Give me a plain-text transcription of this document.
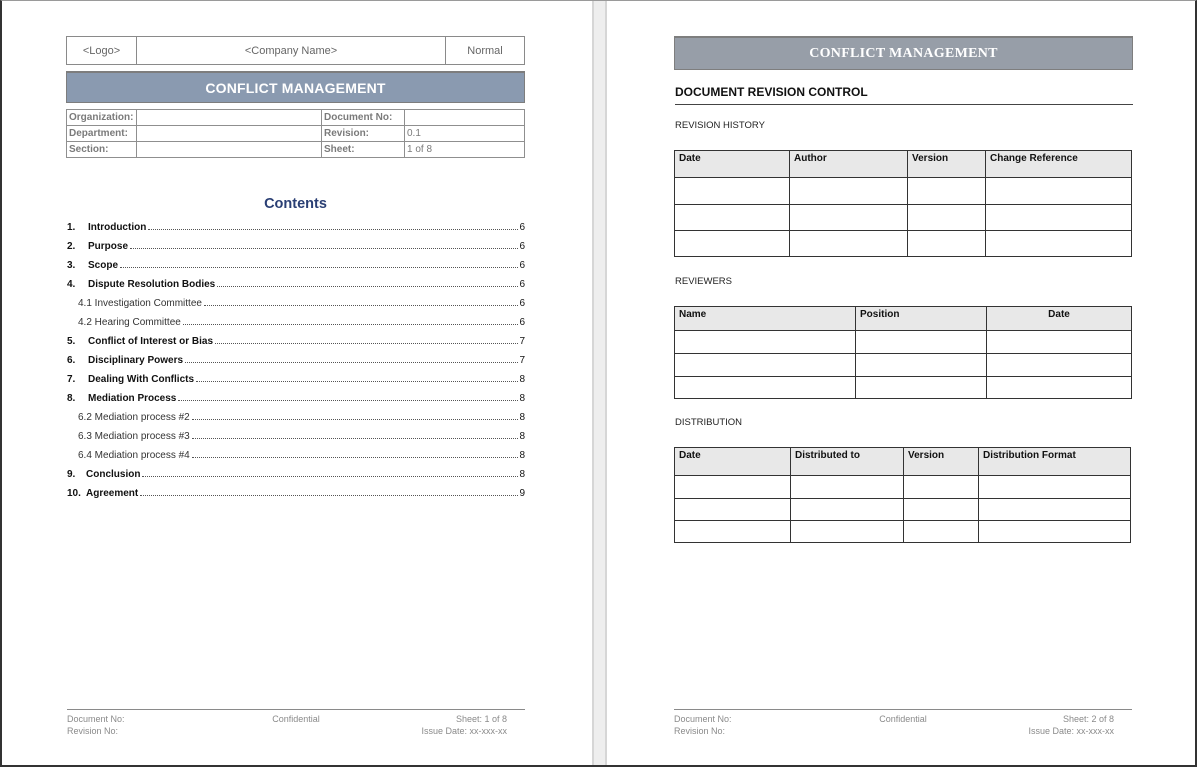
<Logo>	<Company Name>	Normal
CONFLICT MANAGEMENT
Organization:		Document No:	
Department:		Revision:	0.1
Section:		Sheet:	1 of 8
Contents
1.	Introduction	6
2.	Purpose	6
3.	Scope	6
4.	Dispute Resolution Bodies	6
4.1 Investigation Committee	6
4.2 Hearing Committee	6
5.	Conflict of Interest or Bias	7
6.	Disciplinary Powers	7
7.	Dealing With Conflicts	8
8.	Mediation Process	8
6.2 Mediation process #2	8
6.3 Mediation process #3	8
6.4 Mediation process #4	8
9.	Conclusion	8
10. Agreement	9
Document No:	Confidential	Sheet: 1 of 8
Revision No:	Issue Date: xx-xxx-xx
CONFLICT MANAGEMENT
DOCUMENT REVISION CONTROL
REVISION HISTORY
Date	Author	Version	Change Reference

REVIEWERS
Name	Position	Date

DISTRIBUTION
Date	Distributed to	Version	Distribution Format

Document No:	Confidential	Sheet: 2 of 8
Revision No:	Issue Date: xx-xxx-xx
